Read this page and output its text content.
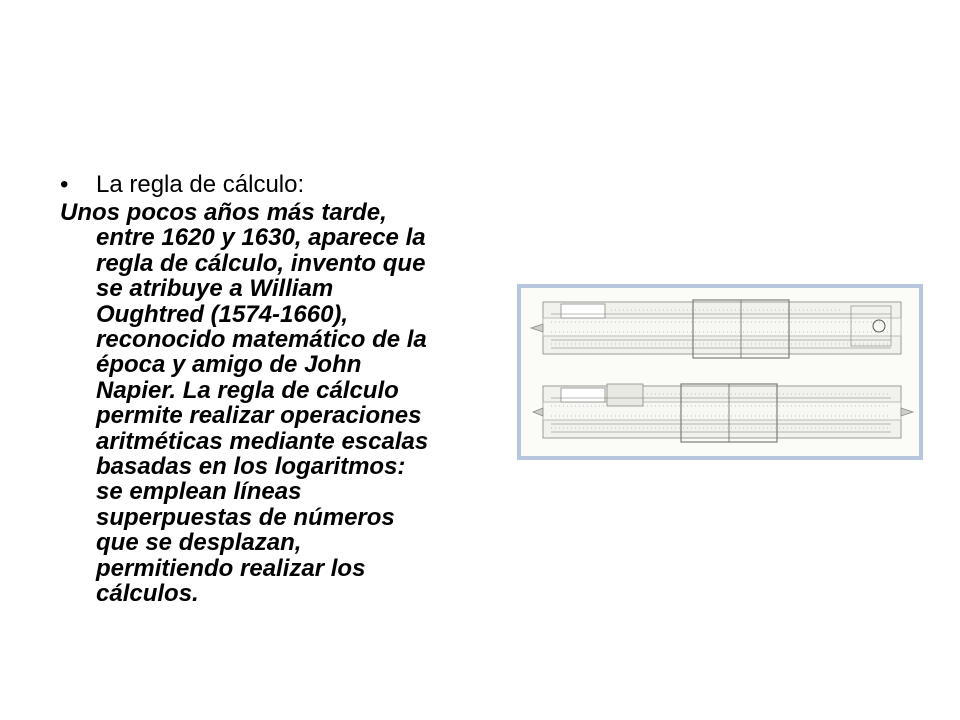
• La regla de cálculo:
Unos pocos años más tarde,
entre 1620 y 1630, aparece la
regla de cálculo, invento que
se atribuye a William
Oughtred (1574-1660),
reconocido matemático de la
época y amigo de John
Napier. La regla de cálculo
permite realizar operaciones
aritméticas mediante escalas
basadas en los logaritmos:
se emplean líneas
superpuestas de números
que se desplazan,
permitiendo realizar los
cálculos.
